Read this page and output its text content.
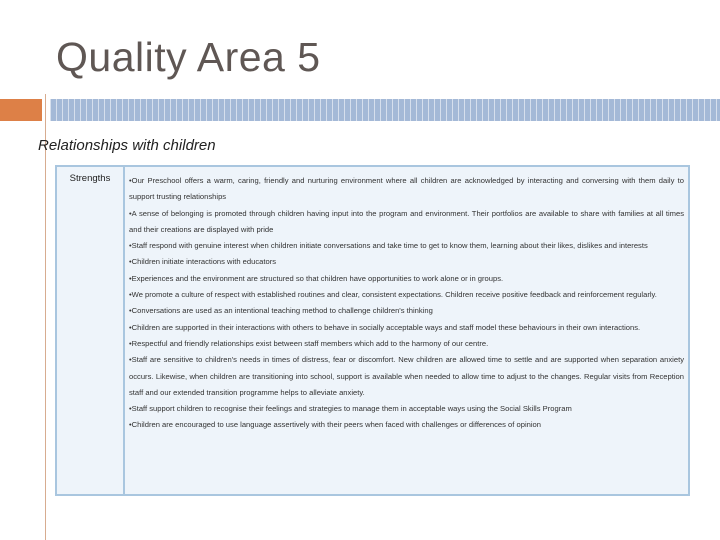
Quality Area 5
Relationships with children
Strengths	•Our Preschool offers a warm, caring, friendly and nurturing environment where all children are acknowledged by interacting and conversing with them daily to support trusting relationships

•A sense of belonging is promoted through children having input into the program and environment. Their portfolios are available to share with families at all times and their creations are displayed with pride

•Staff respond with genuine interest when children initiate conversations and take time to get to know them, learning about their likes, dislikes and interests

•Children initiate interactions with educators

•Experiences and the environment are structured so that children have opportunities to work alone or in groups.

•We promote a culture of respect with established routines and clear, consistent expectations. Children receive positive feedback and reinforcement regularly.

•Conversations are used as an intentional teaching method to challenge children's thinking

•Children are supported in their interactions with others to behave in socially acceptable ways and staff model these behaviours in their own interactions.

•Respectful and friendly relationships exist between staff members which add to the harmony of our centre.

•Staff are sensitive to children's needs in times of distress, fear or discomfort. New children are allowed time to settle and are supported when separation anxiety occurs. Likewise, when children are transitioning into school, support is available when needed to allow time to adjust to the changes. Regular visits from Reception staff and our extended transition programme helps to alleviate anxiety.

•Staff support children to recognise their feelings and strategies to manage them in acceptable ways using the Social Skills Program

•Children are encouraged to use language assertively with their peers when faced with challenges or differences of opinion
